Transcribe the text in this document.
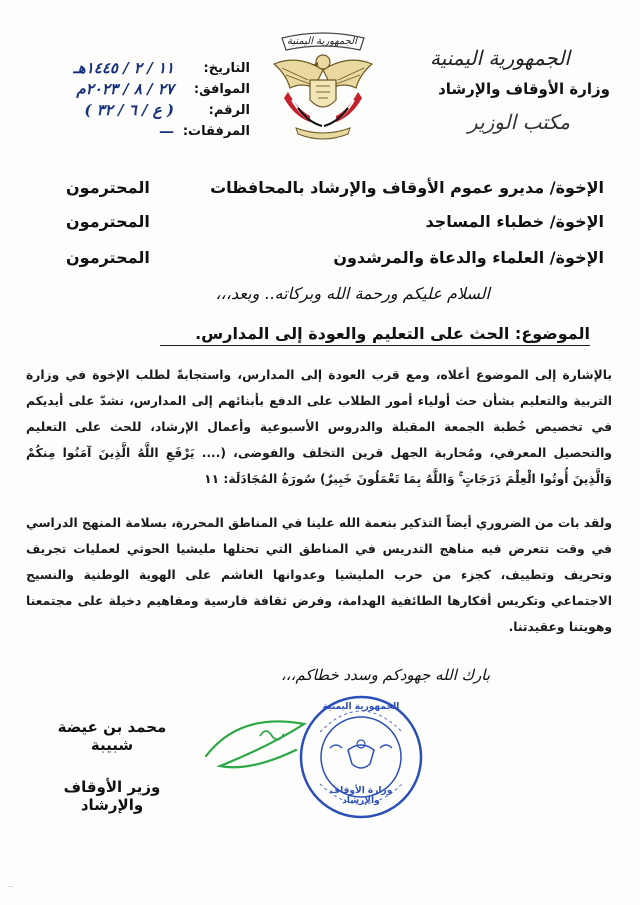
الجمهورية اليمنية
وزارة الأوقاف والإرشاد
مكتب الوزير
الجمهورية اليمنية
التاريخ:
١١ / ٢ / ١٤٤٥هـ
الموافق:
٢٧ / ٨ / ٢٠٢٣م
الرقم:
( ع / ٦ / ٣٢ )
المرفقات:
—
الإخوة/ مديرو عموم الأوقاف والإرشاد بالمحافظات
المحترمون
الإخوة/ خطباء المساجد
المحترمون
الإخوة/ العلماء والدعاة والمرشدون
المحترمون
السلام عليكم ورحمة الله وبركاته.. وبعد،،،
الموضوع: الحث على التعليم والعودة إلى المدارس.
بالإشارة إلى الموضوع أعلاه، ومع قرب العودة إلى المدارس، واستجابةً لطلب الإخوة في وزارة التربية والتعليم بشأن حث أولياء أمور الطلاب على الدفع بأبنائهم إلى المدارس، نشدّ على أيديكم في تخصيص خُطبة الجمعة المقبلة والدروس الأسبوعية وأعمال الإرشاد، للحث على التعليم والتحصيل المعرفي، ومُحاربة الجهل قرين التخلف والفوضى، (.... يَرْفَعِ اللَّهُ الَّذِينَ آمَنُوا مِنكُمْ وَالَّذِينَ أُوتُوا الْعِلْمَ دَرَجَاتٍ ۚ وَاللَّهُ بِمَا تَعْمَلُونَ خَبِيرٌ) سُورَةُ المُجَادَلَة: ١١
ولقد بات من الضروري أيضاً التذكير بنعمة الله علينا في المناطق المحررة، بسلامة المنهج الدراسي في وقت تتعرض فيه مناهج التدريس في المناطق التي تحتلها مليشيا الحوثي لعمليات تجريف وتحريف وتطييف، كجزء من حرب المليشيا وعدوانها الغاشم على الهوية الوطنية والنسيج الاجتماعي وتكريس أفكارها الطائفية الهدامة، وفرض ثقافة فارسية ومفاهيم دخيلة على مجتمعنا وهويتنا وعقيدتنا.
بارك الله جهودكم وسدد خطاكم،،،
الجمهورية اليمنية
وزارة الأوقاف والإرشاد
محمد بن عيضة شبيبة
وزير الأوقاف والإرشاد
—
